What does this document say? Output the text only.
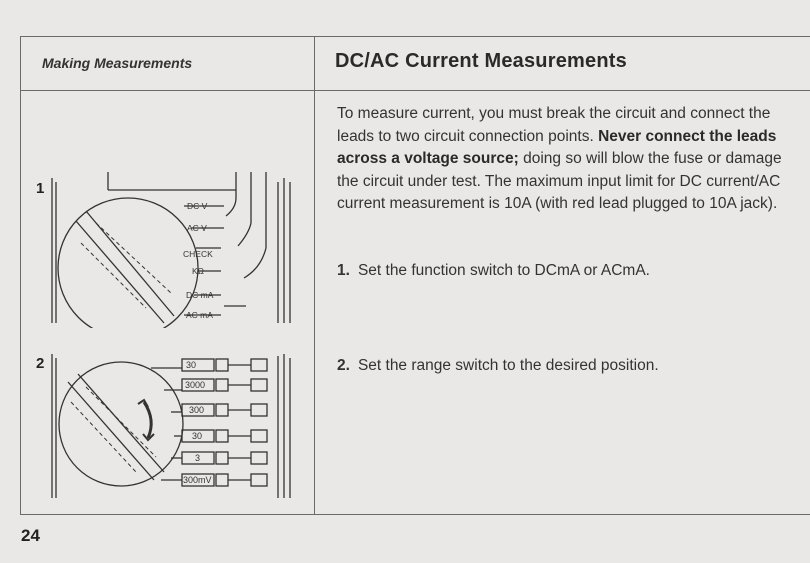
Making Measurements	DC/AC Current Measurements
To measure current, you must break the circuit and connect the leads to two circuit connection points. Never connect the leads across a voltage source; doing so will blow the fuse or damage the circuit under test. The maximum input limit for DC current/AC current measurement is 10A (with red lead plugged to 10A jack).
1. Set the function switch to DCmA or ACmA.
2. Set the range switch to the desired position.
1
2
DC V
AC V
CHECK
KΩ
DC mA
AC mA
30
3000
300
30
3
300mV
24
